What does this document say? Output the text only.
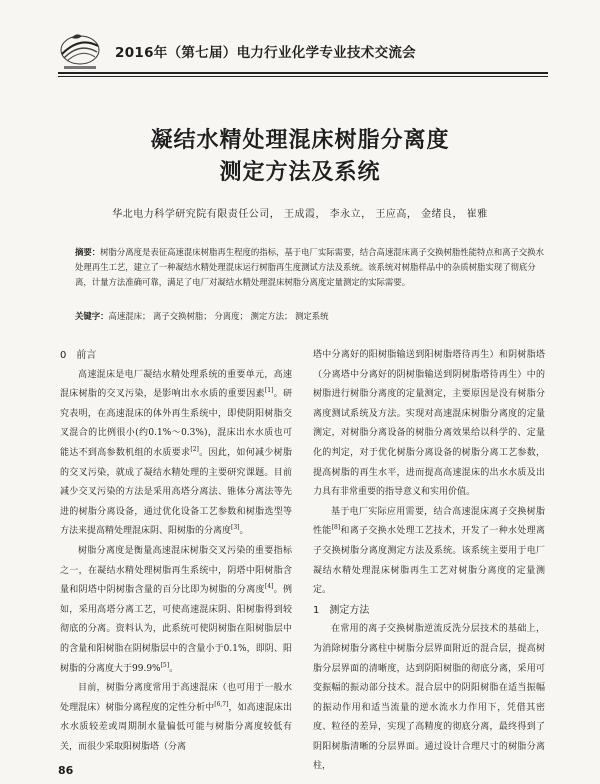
2016年（第七届）电力行业化学专业技术交流会
凝结水精处理混床树脂分离度
测定方法及系统
华北电力科学研究院有限责任公司， 王成霞， 李永立， 王应高， 金绪良， 崔雅
摘要：树脂分离度是表征高速混床树脂再生程度的指标，基于电厂实际需要，结合高速混床离子交换树脂性能特点和离子交换水处理再生工艺，建立了一种凝结水精处理混床运行树脂再生度测试方法及系统。该系统对树脂样品中的杂质树脂实现了彻底分离，计量方法准确可靠，满足了电厂对凝结水精处理混床树脂分离度定量测定的实际需要。
关键字：高速混床； 离子交换树脂； 分离度； 测定方法； 测定系统

0　前言

高速混床是电厂凝结水精处理系统的重要单元，高速混床树脂的交叉污染，是影响出水水质的重要因素[1]。研究表明，在高速混床的体外再生系统中，即使阴阳树脂交叉混合的比例很小(约0.1%～0.3%)，混床出水水质也可能达不到高参数机组的水质要求[2]。因此，如何减少树脂的交叉污染，就成了凝结水精处理的主要研究课题。目前减少交叉污染的方法是采用高塔分离法、锥体分离法等先进的树脂分离设备，通过优化设备工艺参数和树脂选型等方法来提高精处理混床阴、阳树脂的分离度[3]。

树脂分离度是衡量高速混床树脂交叉污染的重要指标之一，在凝结水精处理树脂再生系统中，阴塔中阳树脂含量和阴塔中阴树脂含量的百分比即为树脂的分离度[4]。例如，采用高塔分离工艺，可使高速混床阴、阳树脂得到较彻底的分离。资料认为，此系统可使阴树脂在阳树脂层中的含量和阳树脂在阴树脂层中的含量小于0.1%，即阴、阳树脂的分离度大于99.9%[5]。

目前，树脂分离度常用于高速混床（也可用于一般水处理混床）树脂分离程度的定性分析中[6,7]，如高速混床出水水质较差或周期制水量偏低可能与树脂分离度较低有关，而很少采取阳树脂塔（分离

塔中分离好的阳树脂输送到阳树脂塔待再生）和阴树脂塔（分离塔中分离好的阴树脂输送到阴树脂塔待再生）中的树脂进行树脂分离度的定量测定，主要原因是没有树脂分离度测试系统及方法。实现对高速混床树脂分离度的定量测定，对树脂分离设备的树脂分离效果给以科学的、定量化的判定，对于优化树脂分离设备的树脂分离工艺参数，提高树脂的再生水平，进而提高高速混床的出水水质及出力具有非常重要的指导意义和实用价值。

基于电厂实际应用需要，结合高速混床离子交换树脂性能[8]和离子交换水处理工艺技术，开发了一种水处理离子交换树脂分离度测定方法及系统。该系统主要用于电厂凝结水精处理混床树脂再生工艺对树脂分离度的定量测定。

1　测定方法

在常用的离子交换树脂逆流反洗分层技术的基础上，为消除树脂分离柱中树脂分层界面附近的混合层，提高树脂分层界面的清晰度，达到阴阳树脂的彻底分离，采用可变振幅的振动部分技术。混合层中的阴阳树脂在适当振幅的振动作用和适当流量的逆水流水力作用下，凭借其密度、粒径的差异，实现了高精度的彻底分离，最终得到了阴阳树脂清晰的分层界面。通过设计合理尺寸的树脂分离柱，

86
